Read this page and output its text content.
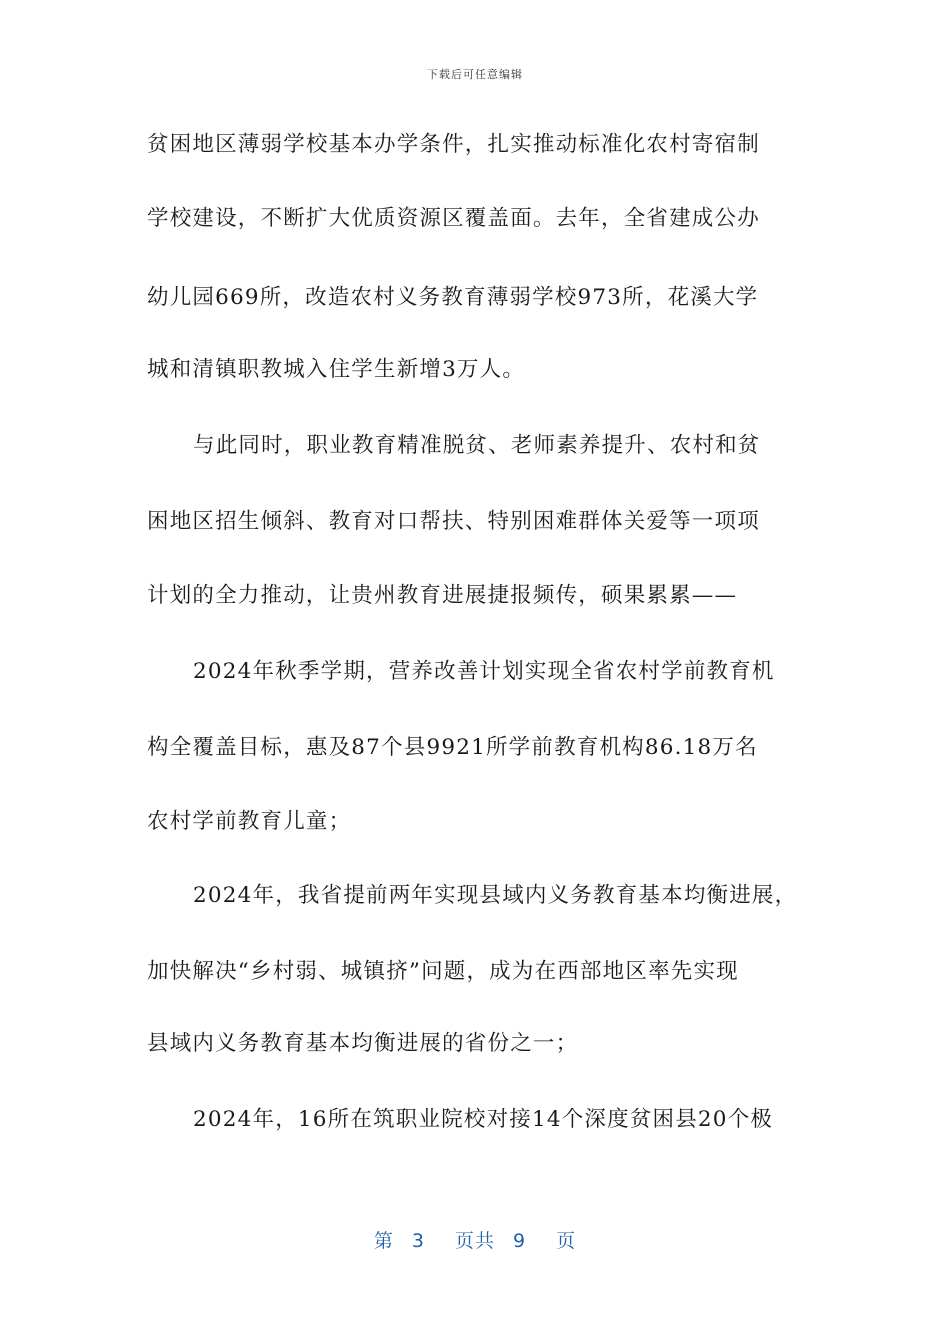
下载后可任意编辑
贫困地区薄弱学校基本办学条件，扎实推动标准化农村寄宿制
学校建设，不断扩大优质资源区覆盖面。去年，全省建成公办
幼儿园669所，改造农村义务教育薄弱学校973所，花溪大学
城和清镇职教城入住学生新增3万人。
与此同时，职业教育精准脱贫、老师素养提升、农村和贫
困地区招生倾斜、教育对口帮扶、特别困难群体关爱等一项项
计划的全力推动，让贵州教育进展捷报频传，硕果累累——
2024年秋季学期，营养改善计划实现全省农村学前教育机
构全覆盖目标，惠及87个县9921所学前教育机构86.18万名
农村学前教育儿童；
2024年，我省提前两年实现县域内义务教育基本均衡进展，
加快解决“乡村弱、城镇挤”问题，成为在西部地区率先实现
县域内义务教育基本均衡进展的省份之一；
2024年，16所在筑职业院校对接14个深度贫困县20个极
第 3 页共 9 页
